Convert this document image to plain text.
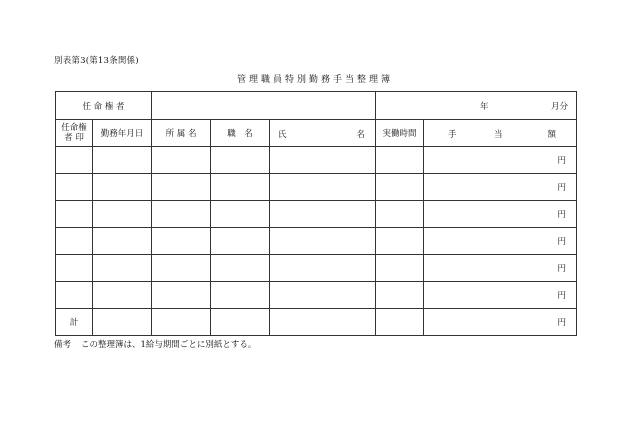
別表第3(第13条関係)
管理職員特別勤務手当整理簿
任 命 権 者					年 月分	

任命権
者 印	勤務年月日	所 属 名	職　名	氏 名	実働時間	手 当 額

						円
						円
						円
						円
						円
						円
計						円
備考 この整理簿は、1給与期間ごとに別紙とする。
